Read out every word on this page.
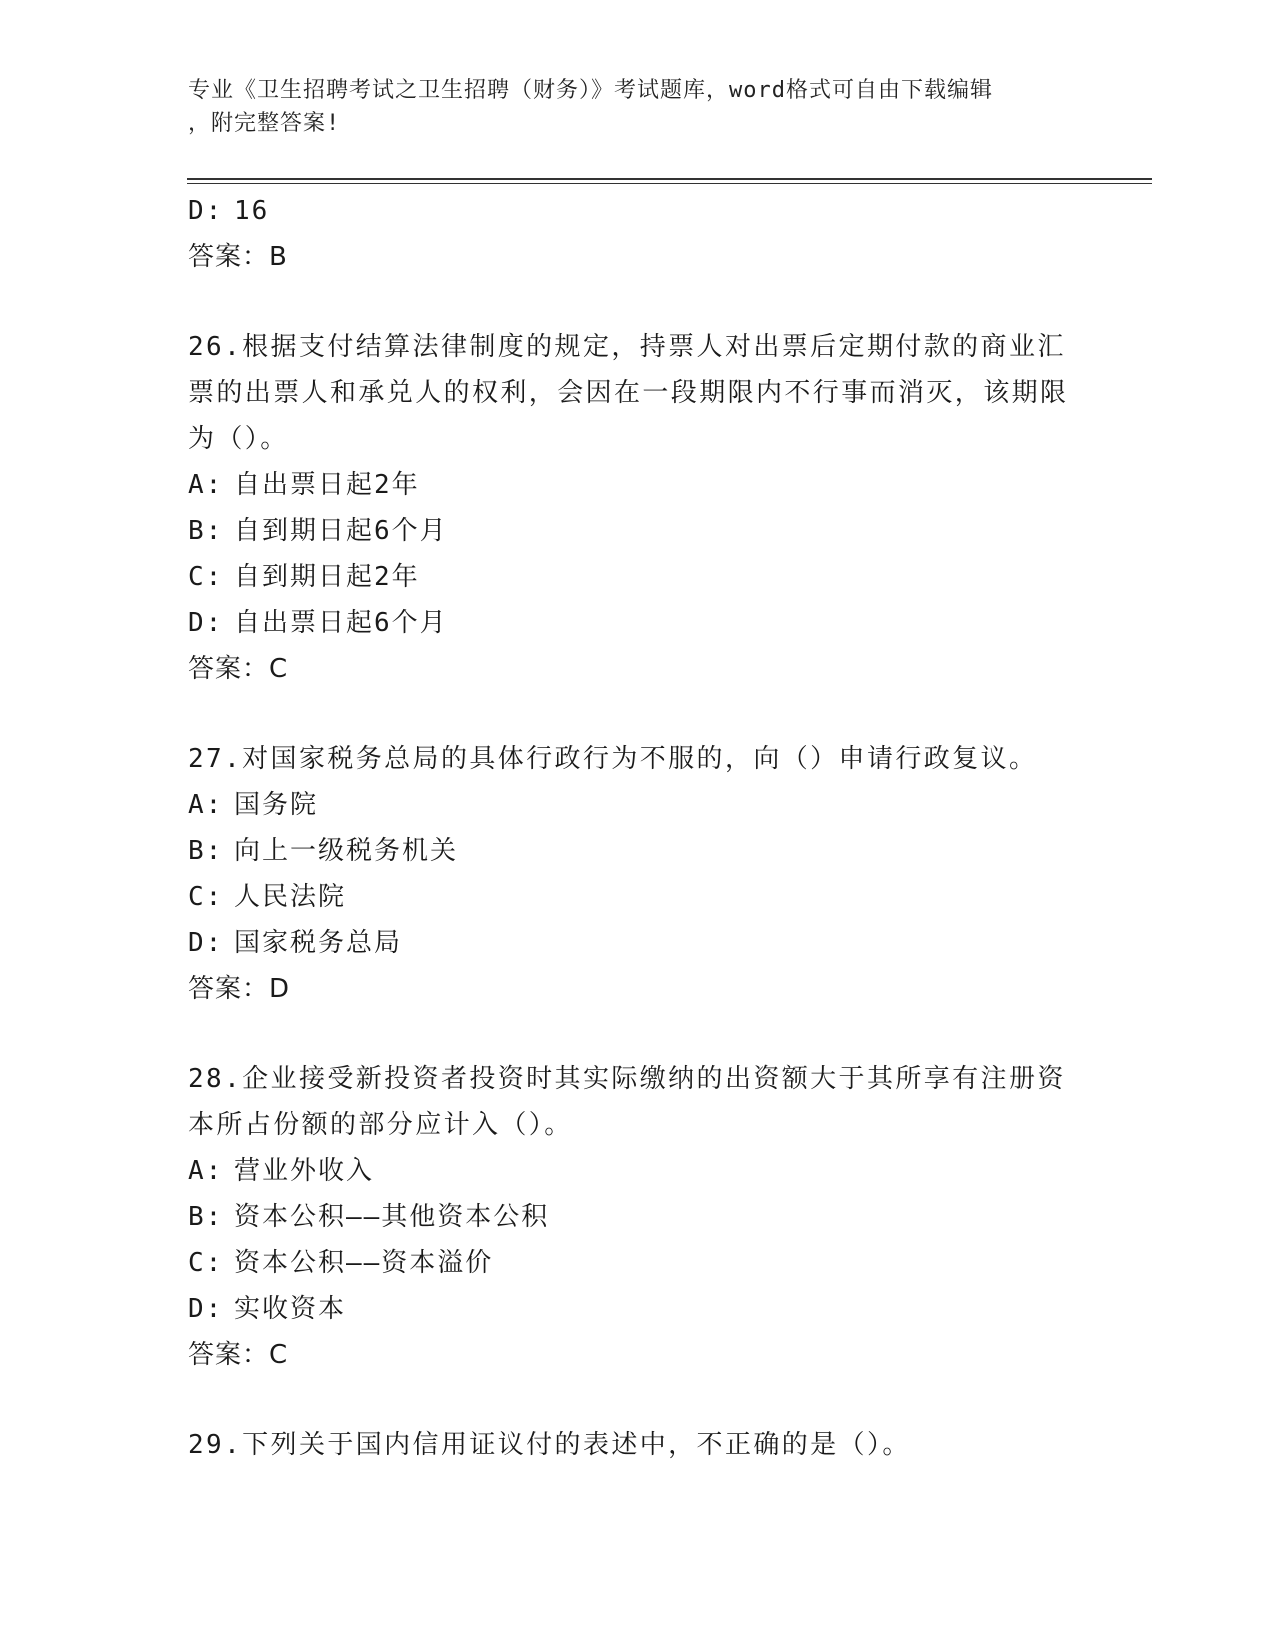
专业《卫生招聘考试之卫生招聘（财务）》考试题库，word格式可自由下载编辑
，附完整答案!
D: 16
答案：B
26.根据支付结算法律制度的规定，持票人对出票后定期付款的商业汇票的出票人和承兑人的权利，会因在一段期限内不行事而消灭，该期限为（）。
A: 自出票日起2年
B: 自到期日起6个月
C: 自到期日起2年
D: 自出票日起6个月
答案：C
27.对国家税务总局的具体行政行为不服的，向（）申请行政复议。
A: 国务院
B: 向上一级税务机关
C: 人民法院
D: 国家税务总局
答案：D
28.企业接受新投资者投资时其实际缴纳的出资额大于其所享有注册资本所占份额的部分应计入（）。
A: 营业外收入
B: 资本公积——其他资本公积
C: 资本公积——资本溢价
D: 实收资本
答案：C
29.下列关于国内信用证议付的表述中，不正确的是（）。
